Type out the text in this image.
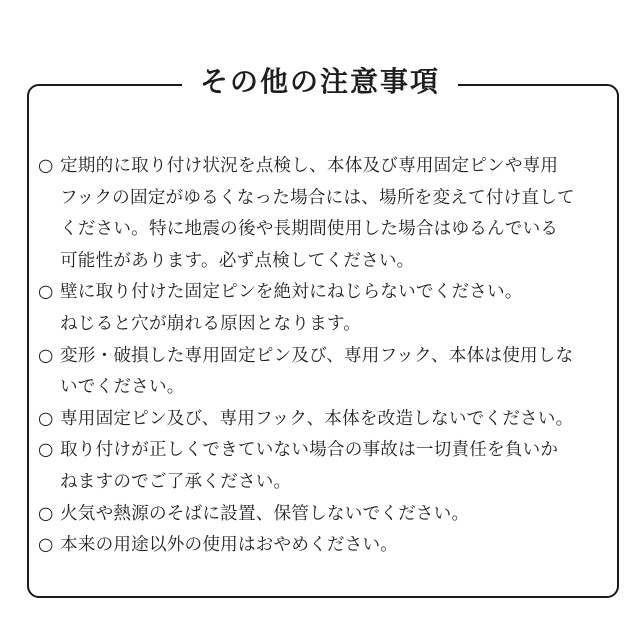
その他の注意事項
○ 定期的に取り付け状況を点検し、本体及び専用固定ピンや専用
フックの固定がゆるくなった場合には、場所を変えて付け直して
ください。特に地震の後や長期間使用した場合はゆるんでいる
可能性があります。必ず点検してください。
○ 壁に取り付けた固定ピンを絶対にねじらないでください。
ねじると穴が崩れる原因となります。
○ 変形・破損した専用固定ピン及び、専用フック、本体は使用しな
いでください。
○ 専用固定ピン及び、専用フック、本体を改造しないでください。
○ 取り付けが正しくできていない場合の事故は一切責任を負いか
ねますのでご了承ください。
○ 火気や熱源のそばに設置、保管しないでください。
○ 本来の用途以外の使用はおやめください。
